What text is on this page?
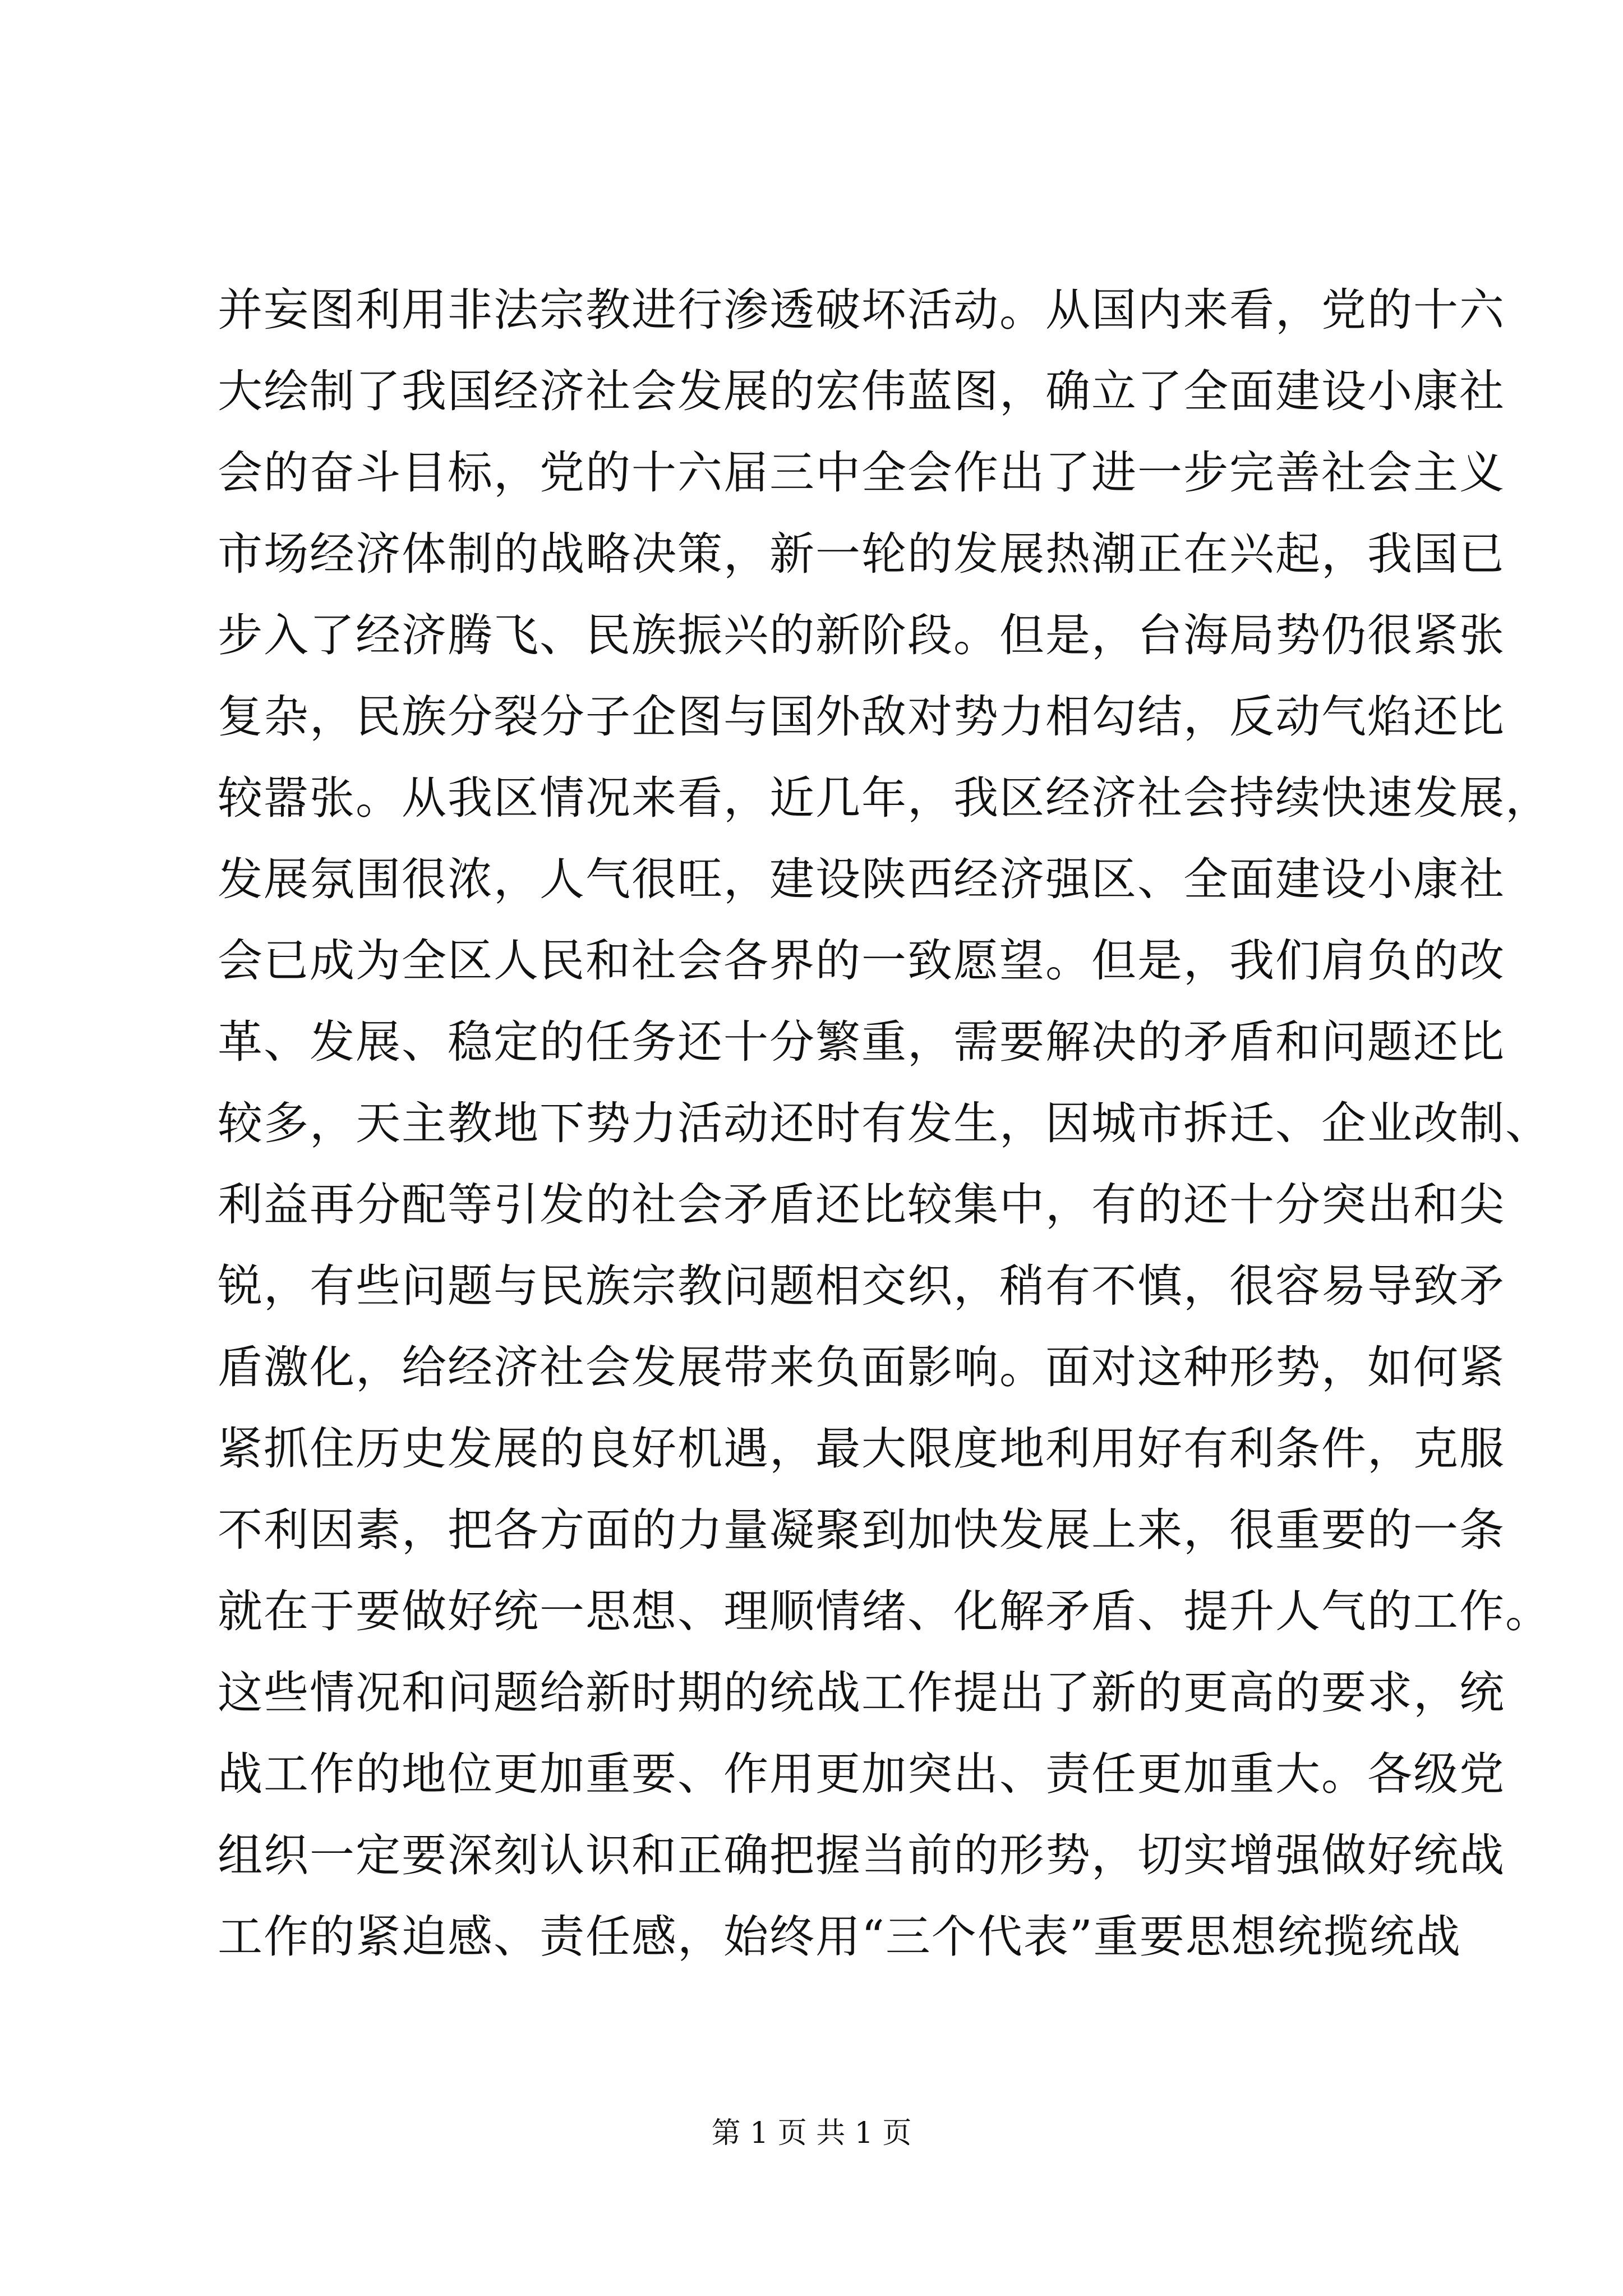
并妄图利用非法宗教进行渗透破坏活动。从国内来看，党的十六
大绘制了我国经济社会发展的宏伟蓝图，确立了全面建设小康社
会的奋斗目标，党的十六届三中全会作出了进一步完善社会主义
市场经济体制的战略决策，新一轮的发展热潮正在兴起，我国已
步入了经济腾飞、民族振兴的新阶段。但是，台海局势仍很紧张
复杂，民族分裂分子企图与国外敌对势力相勾结，反动气焰还比
较嚣张。从我区情况来看，近几年，我区经济社会持续快速发展，
发展氛围很浓，人气很旺，建设陕西经济强区、全面建设小康社
会已成为全区人民和社会各界的一致愿望。但是，我们肩负的改
革、发展、稳定的任务还十分繁重，需要解决的矛盾和问题还比
较多，天主教地下势力活动还时有发生，因城市拆迁、企业改制、
利益再分配等引发的社会矛盾还比较集中，有的还十分突出和尖
锐，有些问题与民族宗教问题相交织，稍有不慎，很容易导致矛
盾激化，给经济社会发展带来负面影响。面对这种形势，如何紧
紧抓住历史发展的良好机遇，最大限度地利用好有利条件，克服
不利因素，把各方面的力量凝聚到加快发展上来，很重要的一条
就在于要做好统一思想、理顺情绪、化解矛盾、提升人气的工作。
这些情况和问题给新时期的统战工作提出了新的更高的要求，统
战工作的地位更加重要、作用更加突出、责任更加重大。各级党
组织一定要深刻认识和正确把握当前的形势，切实增强做好统战
工作的紧迫感、责任感，始终用“三个代表”重要思想统揽统战
第 1 页 共 1 页
